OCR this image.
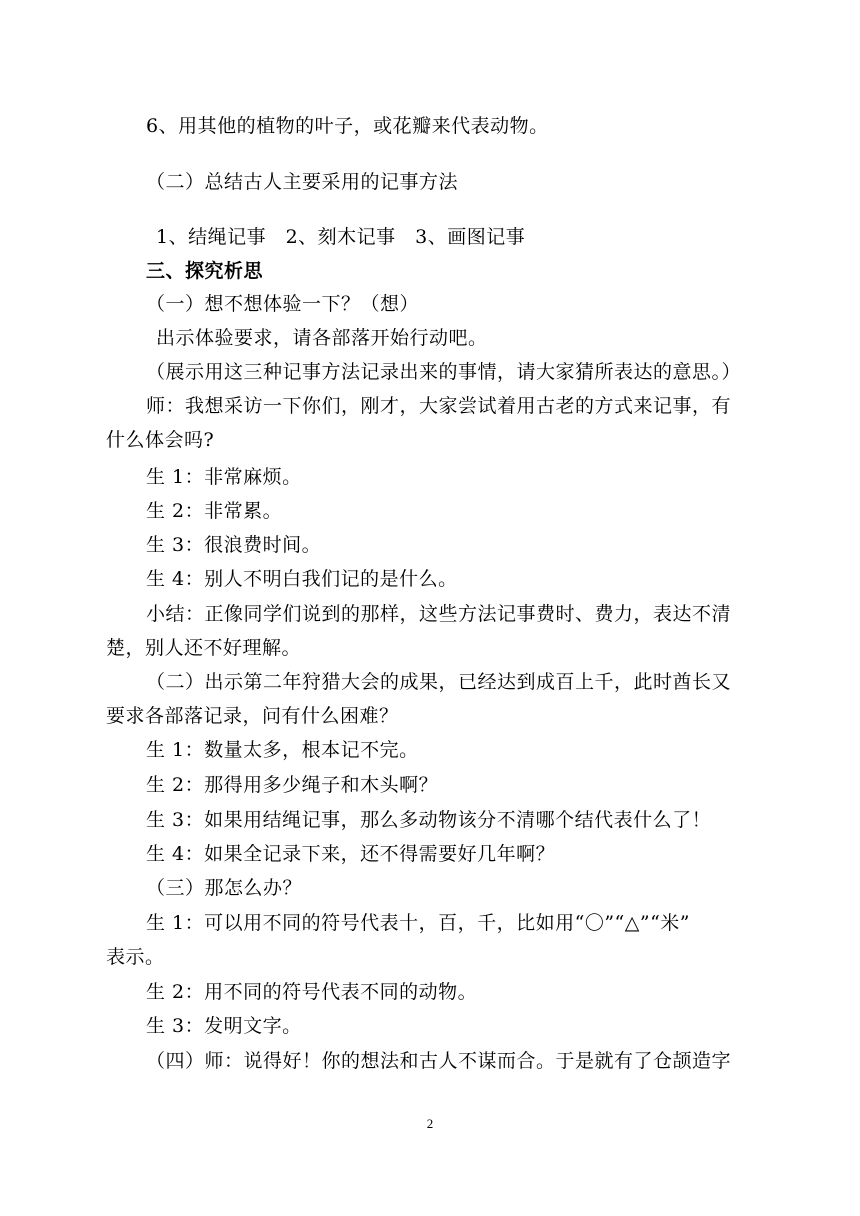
6、用其他的植物的叶子，或花瓣来代表动物。
（二）总结古人主要采用的记事方法
1、结绳记事　2、刻木记事　3、画图记事
三、探究析思
（一）想不想体验一下？（想）
出示体验要求，请各部落开始行动吧。
（展示用这三种记事方法记录出来的事情，请大家猜所表达的意思。）
师：我想采访一下你们，刚才，大家尝试着用古老的方式来记事，有
什么体会吗?
生 1：非常麻烦。
生 2：非常累。
生 3：很浪费时间。
生 4：别人不明白我们记的是什么。
小结：正像同学们说到的那样，这些方法记事费时、费力，表达不清
楚，别人还不好理解。
（二）出示第二年狩猎大会的成果，已经达到成百上千，此时酋长又
要求各部落记录，问有什么困难？
生 1：数量太多，根本记不完。
生 2：那得用多少绳子和木头啊？
生 3：如果用结绳记事，那么多动物该分不清哪个结代表什么了！
生 4：如果全记录下来，还不得需要好几年啊？
（三）那怎么办？
生 1：可以用不同的符号代表十，百，千，比如用“〇”“△”“米”
表示。
生 2：用不同的符号代表不同的动物。
生 3：发明文字。
（四）师：说得好！你的想法和古人不谋而合。于是就有了仓颉造字
2
